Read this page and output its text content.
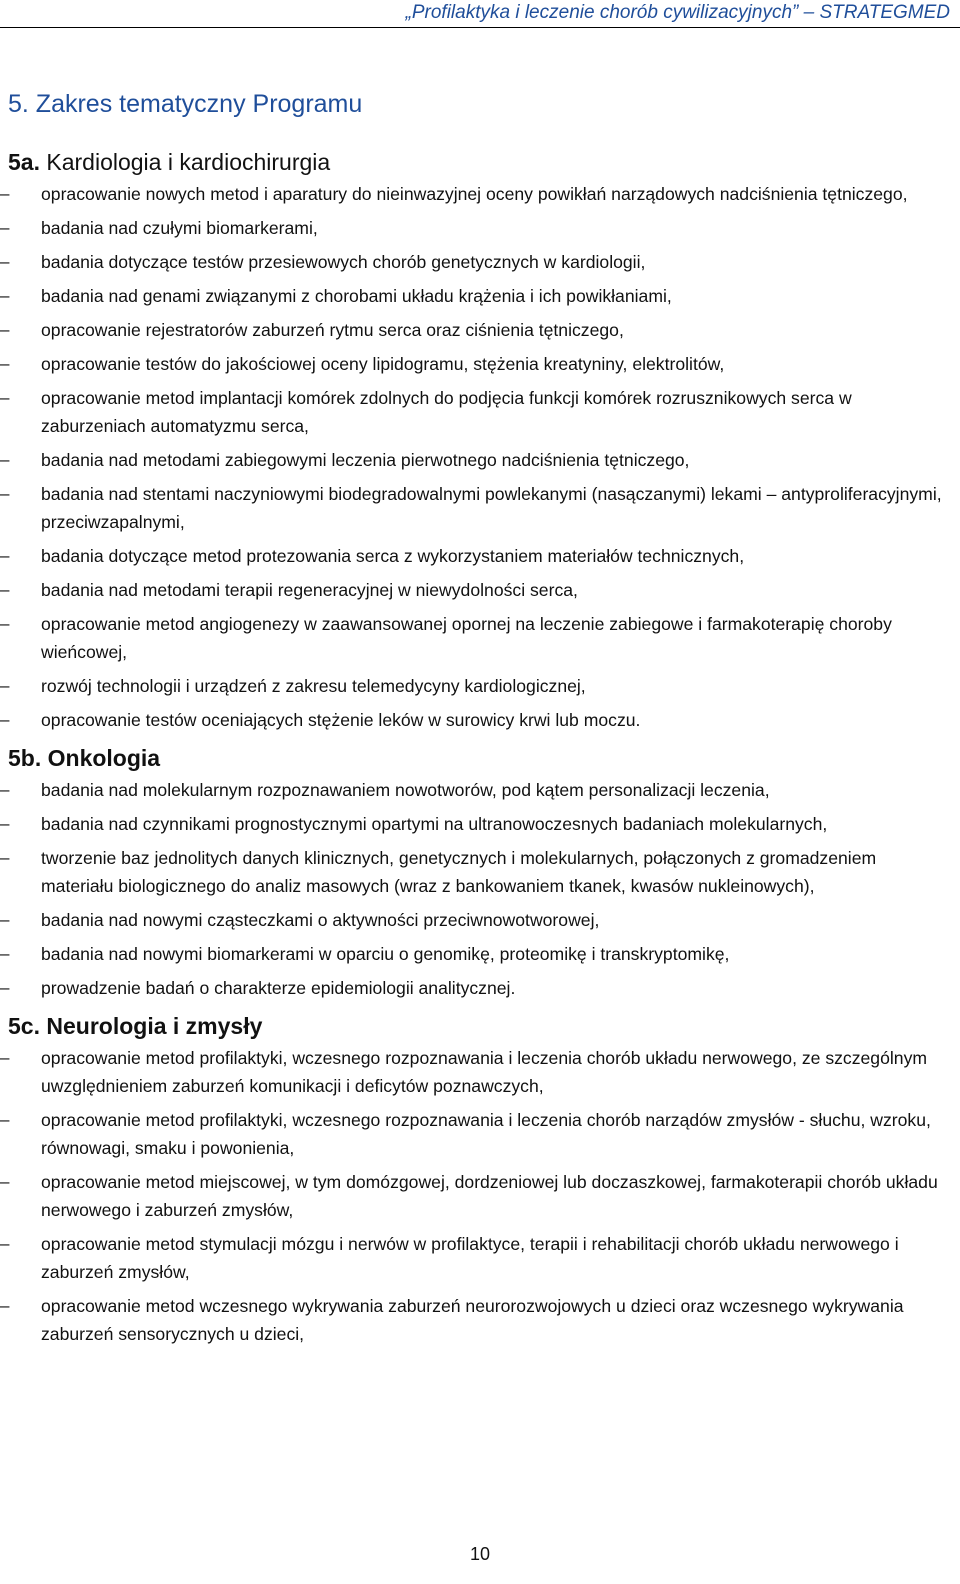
„Profilaktyka i leczenie chorób cywilizacyjnych” – STRATEGMED
5. Zakres tematyczny Programu
5a. Kardiologia i kardiochirurgia
–
opracowanie nowych metod i aparatury do nieinwazyjnej oceny powikłań narządowych nadciśnienia tętniczego,
–
badania nad czułymi biomarkerami,
–
badania dotyczące testów przesiewowych chorób genetycznych w kardiologii,
–
badania nad genami związanymi z chorobami układu krążenia i ich powikłaniami,
–
opracowanie rejestratorów zaburzeń rytmu serca oraz ciśnienia tętniczego,
–
opracowanie testów do jakościowej oceny lipidogramu, stężenia kreatyniny, elektrolitów,
–
opracowanie metod implantacji komórek zdolnych do podjęcia funkcji komórek rozrusznikowych serca w zaburzeniach automatyzmu serca,
–
badania nad metodami zabiegowymi leczenia pierwotnego nadciśnienia tętniczego,
–
badania nad stentami naczyniowymi biodegradowalnymi powlekanymi (nasączanymi) lekami – antyproliferacyjnymi, przeciwzapalnymi,
–
badania dotyczące metod protezowania serca z wykorzystaniem materiałów technicznych,
–
badania nad metodami terapii regeneracyjnej w niewydolności serca,
–
opracowanie metod angiogenezy w zaawansowanej opornej na leczenie zabiegowe i farmakoterapię choroby wieńcowej,
–
rozwój technologii i urządzeń z zakresu telemedycyny kardiologicznej,
–
opracowanie testów oceniających stężenie leków w surowicy krwi lub moczu.
5b. Onkologia
–
badania nad molekularnym rozpoznawaniem nowotworów, pod kątem personalizacji leczenia,
–
badania nad czynnikami prognostycznymi opartymi na ultranowoczesnych badaniach molekularnych,
–
tworzenie baz jednolitych danych klinicznych, genetycznych i molekularnych, połączonych z gromadzeniem materiału biologicznego do analiz masowych (wraz z bankowaniem tkanek, kwasów nukleinowych),
–
badania nad nowymi cząsteczkami o aktywności przeciwnowotworowej,
–
badania nad nowymi biomarkerami w oparciu o genomikę, proteomikę i transkryptomikę,
–
prowadzenie badań o charakterze epidemiologii analitycznej.
5c. Neurologia i zmysły
–
opracowanie metod profilaktyki, wczesnego rozpoznawania i leczenia chorób układu nerwowego, ze szczególnym uwzględnieniem zaburzeń komunikacji i deficytów poznawczych,
–
opracowanie metod profilaktyki, wczesnego rozpoznawania i leczenia chorób narządów zmysłów - słuchu, wzroku, równowagi, smaku i powonienia,
–
opracowanie metod miejscowej, w tym domózgowej, dordzeniowej lub doczaszkowej, farmakoterapii chorób układu nerwowego i zaburzeń zmysłów,
–
opracowanie metod stymulacji mózgu i nerwów w profilaktyce, terapii i rehabilitacji chorób układu nerwowego i zaburzeń zmysłów,
–
opracowanie metod wczesnego wykrywania zaburzeń neurorozwojowych u dzieci oraz wczesnego wykrywania zaburzeń sensorycznych u dzieci,
10
